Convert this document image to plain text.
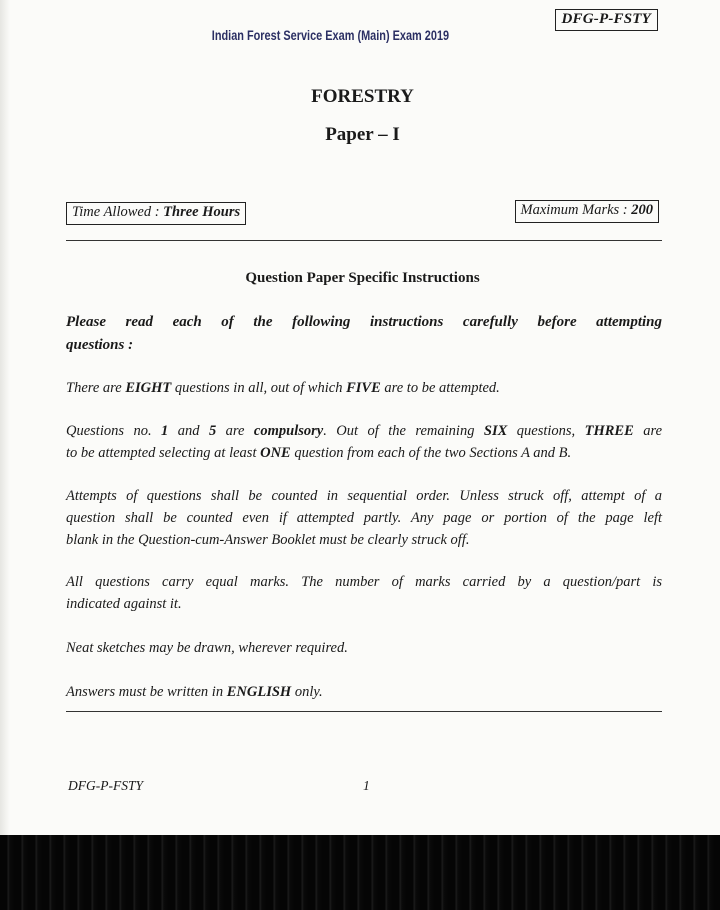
DFG-P-FSTY
Indian Forest Service Exam (Main) Exam 2019
FORESTRY
Paper – I
Time Allowed : Three Hours	Maximum Marks : 200
Question Paper Specific Instructions
Please read each of the following instructions carefully before attempting
questions :
There are EIGHT questions in all, out of which FIVE are to be attempted.
Questions no. 1 and 5 are compulsory. Out of the remaining SIX questions, THREE are
to be attempted selecting at least ONE question from each of the two Sections A and B.
Attempts of questions shall be counted in sequential order. Unless struck off, attempt of a
question shall be counted even if attempted partly. Any page or portion of the page left
blank in the Question-cum-Answer Booklet must be clearly struck off.
All questions carry equal marks. The number of marks carried by a question/part is
indicated against it.
Neat sketches may be drawn, wherever required.
Answers must be written in ENGLISH only.
DFG-P-FSTY	1
